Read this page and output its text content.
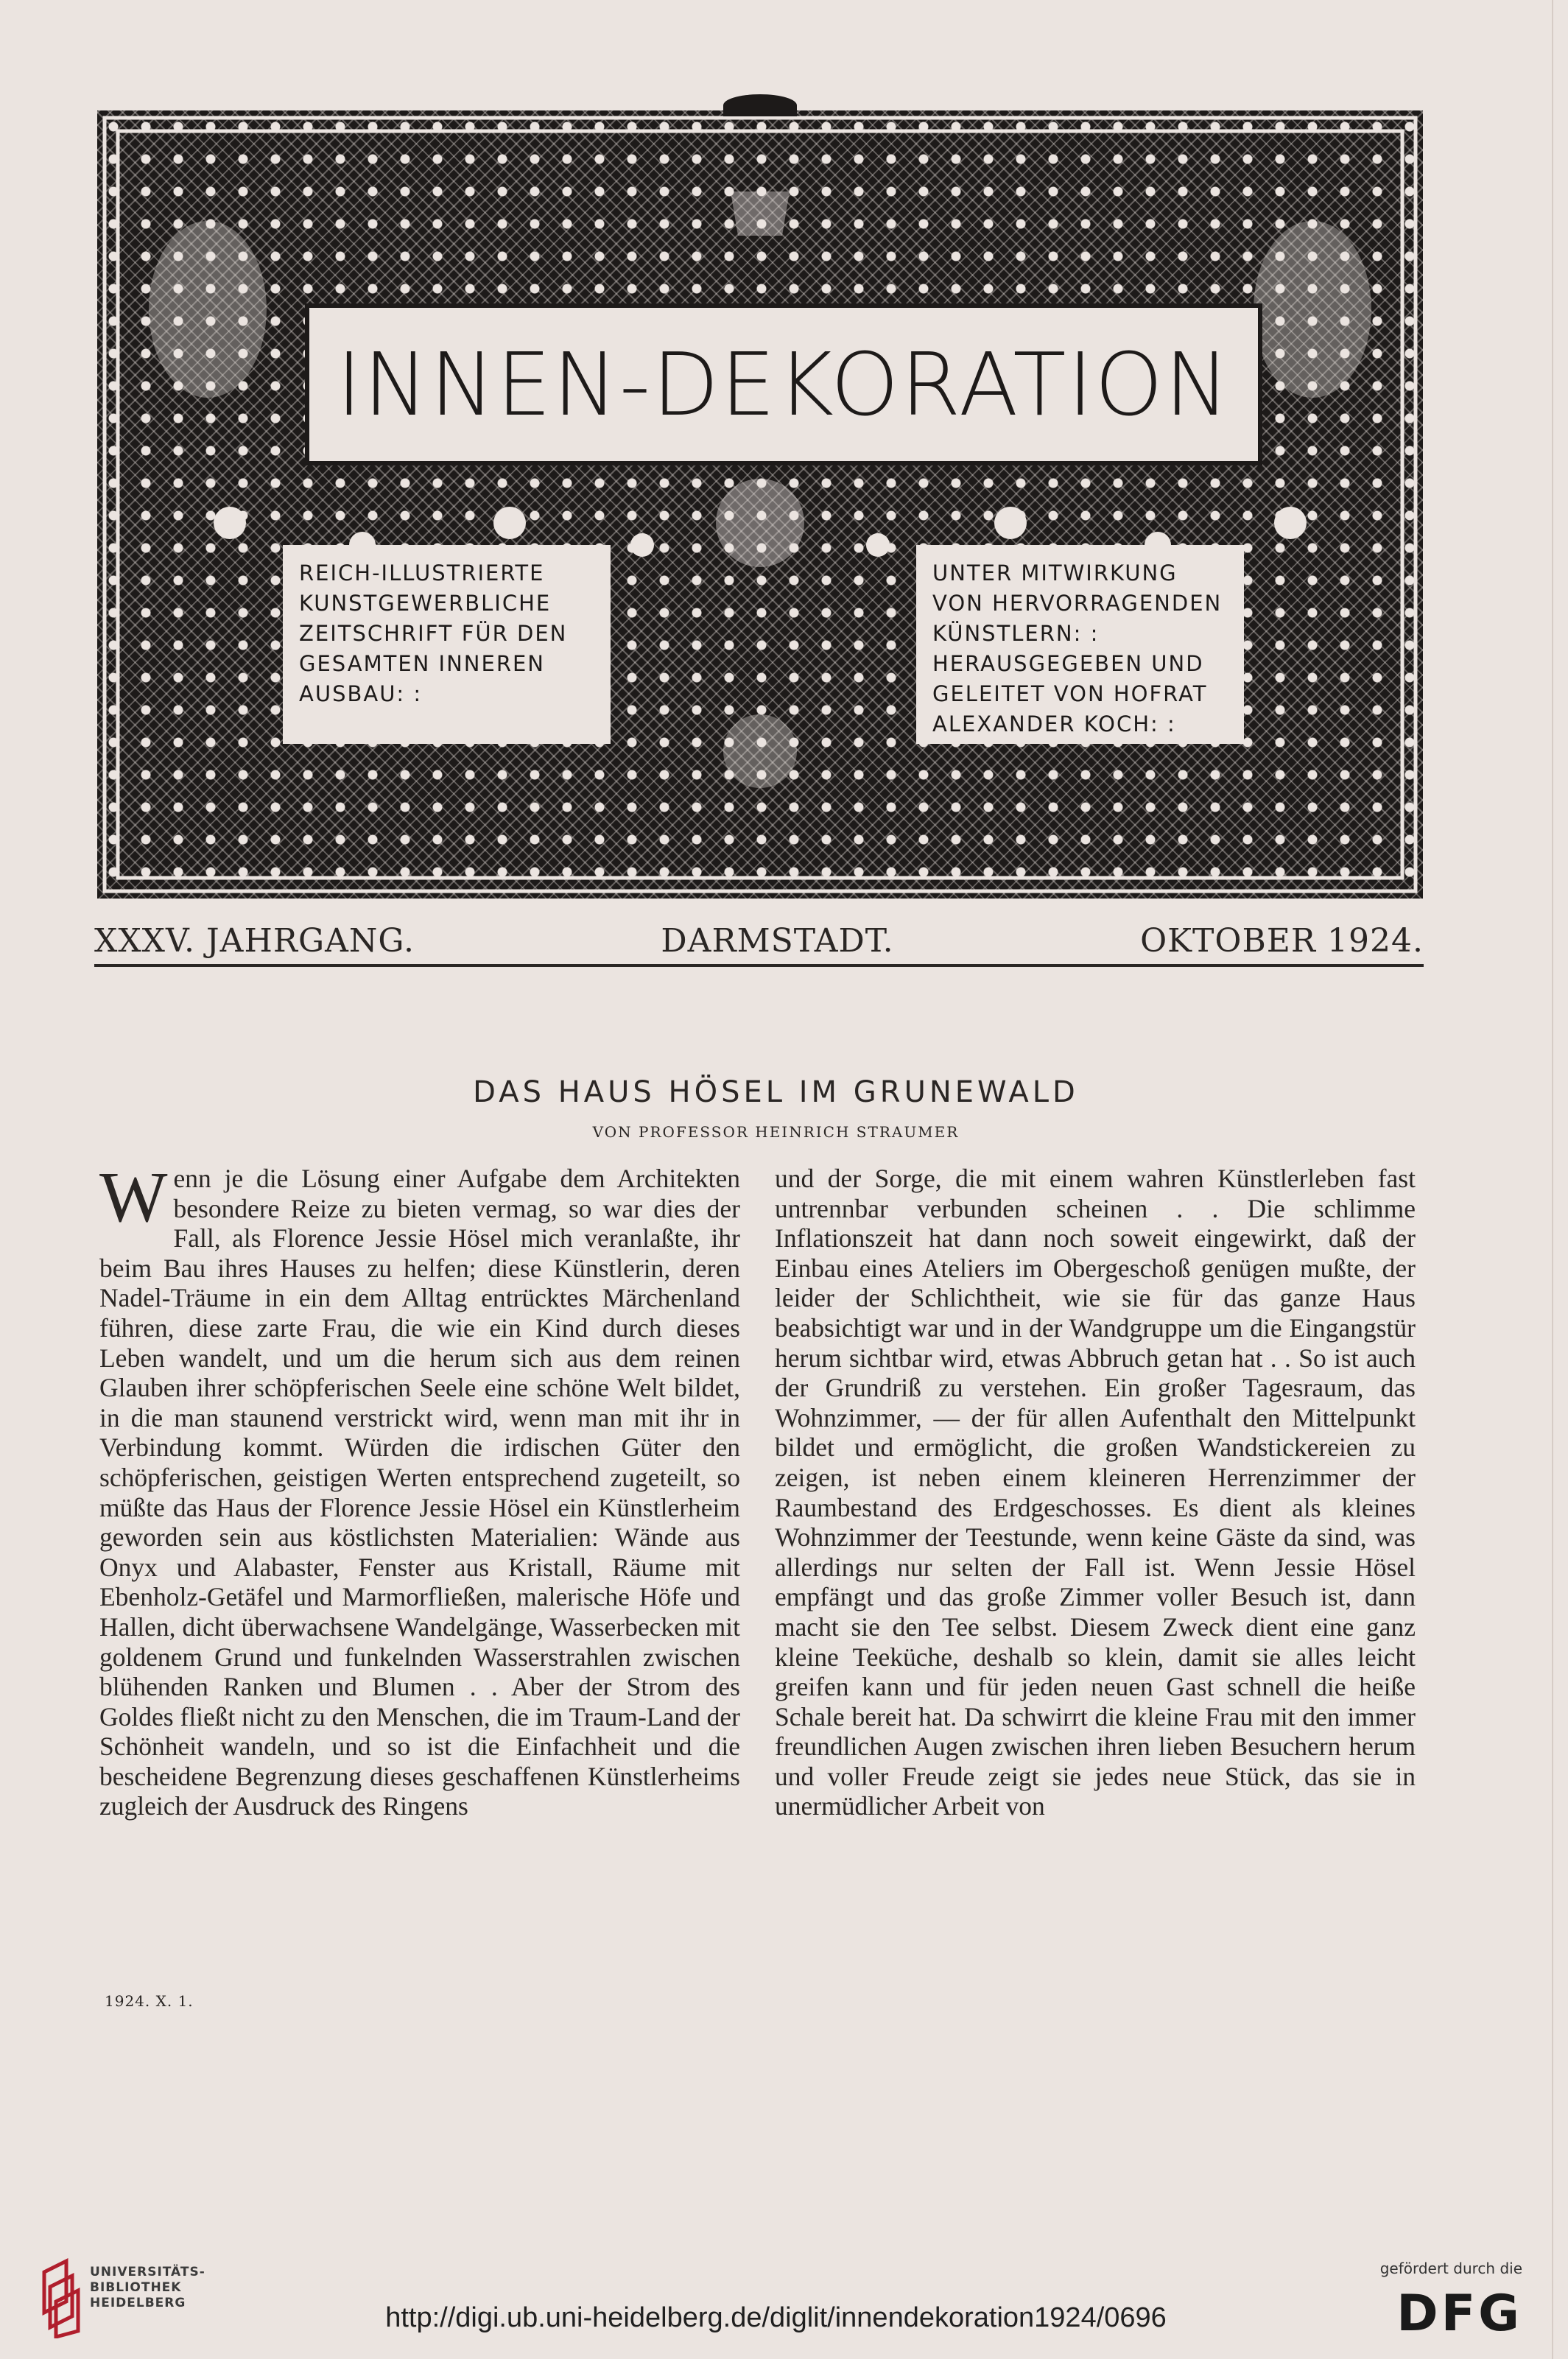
INNEN-DEKORATION
REICH-ILLUSTRIERTE
KUNSTGEWERBLICHE
ZEITSCHRIFT FÜR DEN
GESAMTEN INNEREN
AUSBAU: :
UNTER MITWIRKUNG
VON HERVORRAGENDEN
KÜNSTLERN: :
HERAUSGEGEBEN UND
GELEITET VON HOFRAT
ALEXANDER KOCH: :
XXXV. JAHRGANG.	DARMSTADT.	OKTOBER 1924.
DAS HAUS HÖSEL IM GRUNEWALD
VON PROFESSOR HEINRICH STRAUMER

Wenn je die Lösung einer Aufgabe dem Architekten besondere Reize zu bieten vermag, so war dies der Fall, als Florence Jessie Hösel mich veranlaßte, ihr beim Bau ihres Hauses zu helfen; diese Künstlerin, deren Nadel-Träume in ein dem Alltag entrücktes Märchenland führen, diese zarte Frau, die wie ein Kind durch dieses Leben wandelt, und um die herum sich aus dem reinen Glauben ihrer schöpferischen Seele eine schöne Welt bildet, in die man staunend verstrickt wird, wenn man mit ihr in Verbindung kommt. Würden die irdischen Güter den schöpferischen, geistigen Werten entsprechend zugeteilt, so müßte das Haus der Florence Jessie Hösel ein Künstlerheim geworden sein aus köstlichsten Materialien: Wände aus Onyx und Alabaster, Fenster aus Kristall, Räume mit Ebenholz-Getäfel und Marmorfließen, malerische Höfe und Hallen, dicht überwachsene Wandelgänge, Wasserbecken mit goldenem Grund und funkelnden Wasserstrahlen zwischen blühenden Ranken und Blumen . . Aber der Strom des Goldes fließt nicht zu den Menschen, die im Traum-Land der Schönheit wandeln, und so ist die Einfachheit und die bescheidene Begrenzung dieses geschaffenen Künstlerheims zugleich der Ausdruck des Ringens

und der Sorge, die mit einem wahren Künstlerleben fast untrennbar verbunden scheinen . . Die schlimme Inflationszeit hat dann noch soweit eingewirkt, daß der Einbau eines Ateliers im Obergeschoß genügen mußte, der leider der Schlichtheit, wie sie für das ganze Haus beabsichtigt war und in der Wandgruppe um die Eingangstür herum sichtbar wird, etwas Abbruch getan hat . . So ist auch der Grundriß zu verstehen. Ein großer Tagesraum, das Wohnzimmer, — der für allen Aufenthalt den Mittelpunkt bildet und ermöglicht, die großen Wandstickereien zu zeigen, ist neben einem kleineren Herrenzimmer der Raumbestand des Erdgeschosses. Es dient als kleines Wohnzimmer der Teestunde, wenn keine Gäste da sind, was allerdings nur selten der Fall ist. Wenn Jessie Hösel empfängt und das große Zimmer voller Besuch ist, dann macht sie den Tee selbst. Diesem Zweck dient eine ganz kleine Teeküche, deshalb so klein, damit sie alles leicht greifen kann und für jeden neuen Gast schnell die heiße Schale bereit hat. Da schwirrt die kleine Frau mit den immer freundlichen Augen zwischen ihren lieben Besuchern herum und voller Freude zeigt sie jedes neue Stück, das sie in unermüdlicher Arbeit von

1924. X. 1.
UNIVERSITÄTS-
BIBLIOTHEK
HEIDELBERG	http://digi.ub.uni-heidelberg.de/diglit/innendekoration1924/0696
gefördert durch die
DFG
